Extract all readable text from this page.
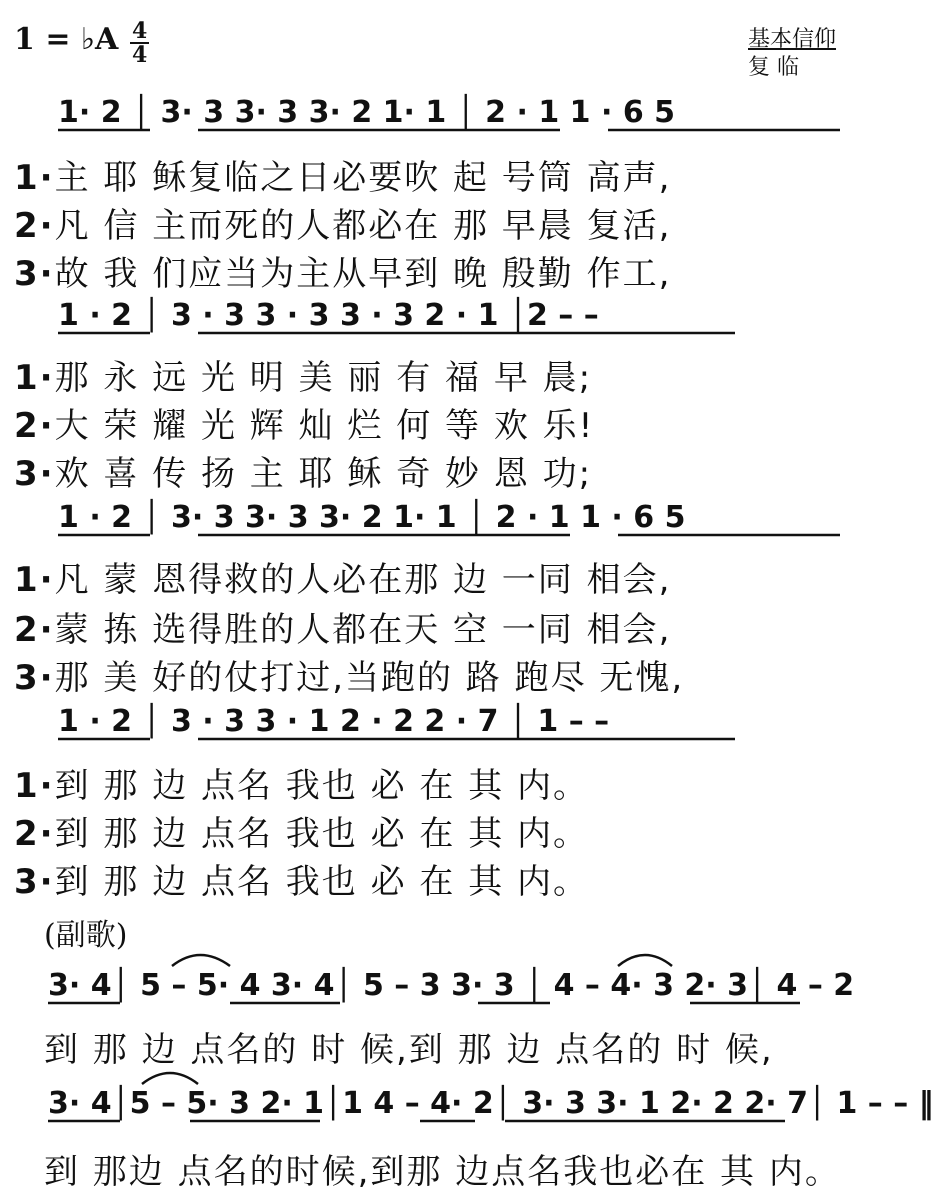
1 = ♭A 4
4
基本信仰
复 临
1· 2 │ 3· 3 3· 3 3· 2 1· 1 │ 2 · 1 1 · 6 5
1·主 耶 稣复临之日必要吹 起 号筒 高声,
2·凡 信 主而死的人都必在 那 早晨 复活,
3·故 我 们应当为主从早到 晚 殷勤 作工,
1 · 2 │ 3 · 3 3 · 3 3 · 3 2 · 1 │2 – –
1·那 永 远 光 明 美 丽 有 福 早 晨;
2·大 荣 耀 光 辉 灿 烂 何 等 欢 乐!
3·欢 喜 传 扬 主 耶 稣 奇 妙 恩 功;
1 · 2 │ 3· 3 3· 3 3· 2 1· 1 │ 2 · 1 1 · 6 5
1·凡 蒙 恩得救的人必在那 边 一同 相会,
2·蒙 拣 选得胜的人都在天 空 一同 相会,
3·那 美 好的仗打过,当跑的 路 跑尽 无愧,
1 · 2 │ 3 · 3 3 · 1 2 · 2 2 · 7 │ 1 – –
1·到 那 边 点名 我也 必 在 其 内。
2·到 那 边 点名 我也 必 在 其 内。
3·到 那 边 点名 我也 必 在 其 内。
(副歌)
3· 4│ 5 – 5· 4 3· 4│ 5 – 3 3· 3 │ 4 – 4· 3 2· 3│ 4 – 2
到 那 边 点名的 时 候,到 那 边 点名的 时 候,
3· 4│5 – 5· 3 2· 1│1 4 – 4· 2│ 3· 3 3· 1 2· 2 2· 7│ 1 – – ‖
到 那边 点名的时候,到那 边点名我也必在 其 内。
